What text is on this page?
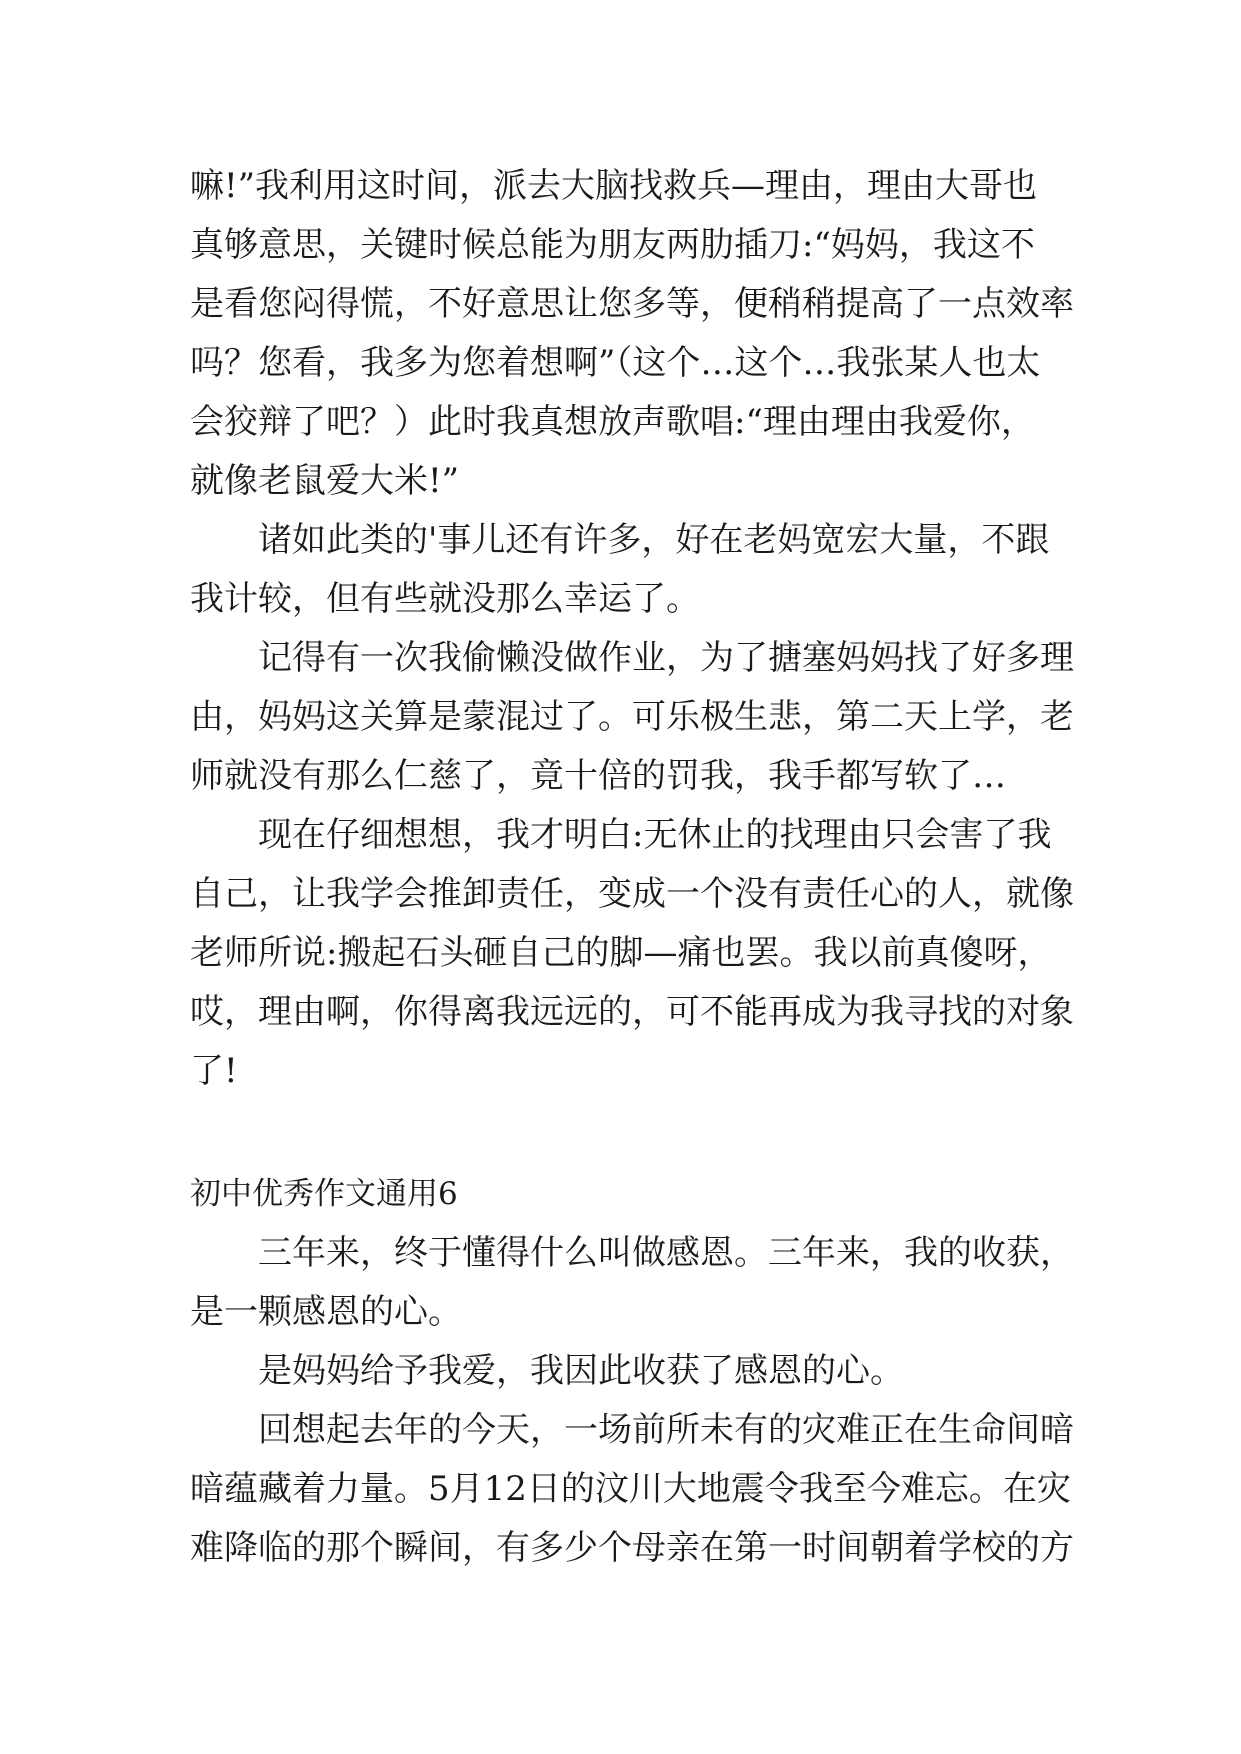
嘛!”我利用这时间，派去大脑找救兵—理由，理由大哥也
真够意思，关键时候总能为朋友两肋插刀:“妈妈，我这不
是看您闷得慌，不好意思让您多等，便稍稍提高了一点效率
吗？您看，我多为您着想啊”（这个…这个…我张某人也太
会狡辩了吧？）此时我真想放声歌唱:“理由理由我爱你，
就像老鼠爱大米!”
诸如此类的'事儿还有许多，好在老妈宽宏大量，不跟
我计较，但有些就没那么幸运了。
记得有一次我偷懒没做作业，为了搪塞妈妈找了好多理
由，妈妈这关算是蒙混过了。可乐极生悲，第二天上学，老
师就没有那么仁慈了，竟十倍的罚我，我手都写软了…
现在仔细想想，我才明白:无休止的找理由只会害了我
自己，让我学会推卸责任，变成一个没有责任心的人，就像
老师所说:搬起石头砸自己的脚—痛也罢。我以前真傻呀，
哎，理由啊，你得离我远远的，可不能再成为我寻找的对象
了!
初中优秀作文通用6
三年来，终于懂得什么叫做感恩。三年来，我的收获，
是一颗感恩的心。
是妈妈给予我爱，我因此收获了感恩的心。
回想起去年的今天，一场前所未有的灾难正在生命间暗
暗蕴藏着力量。5月12日的汶川大地震令我至今难忘。在灾
难降临的那个瞬间，有多少个母亲在第一时间朝着学校的方
